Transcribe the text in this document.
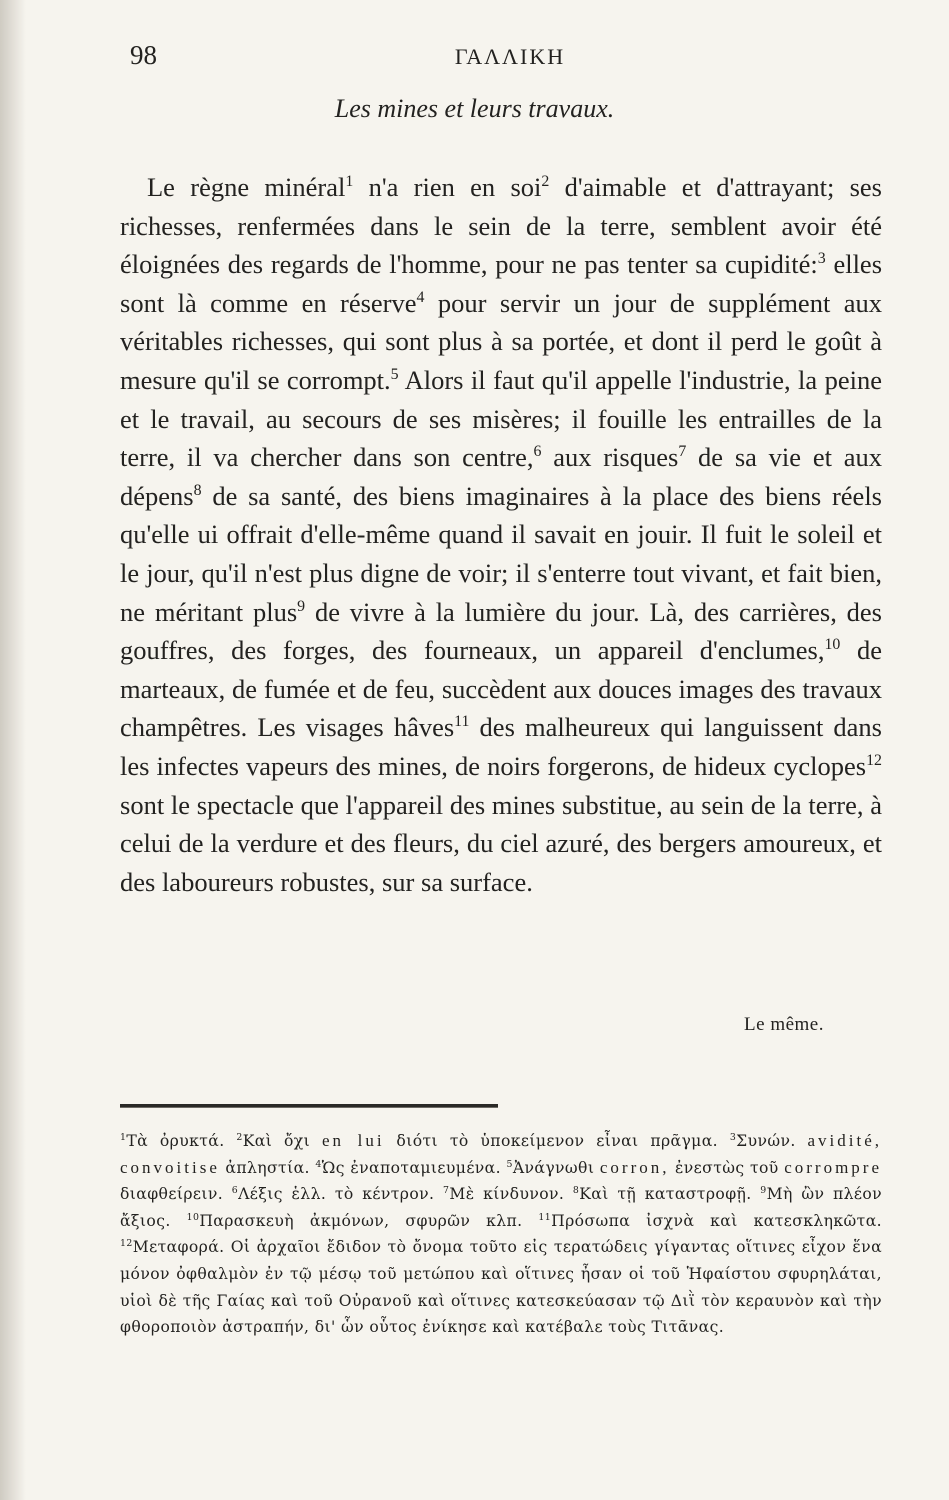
98	ΓΑΛΛΙΚΗ
Les mines et leurs travaux.

Le règne minéral$^1$ n'a rien en soi$^2$ d'aimable et d'attrayant; ses richesses, renfermées dans le sein de la terre, semblent avoir été éloignées des regards de l'homme, pour ne pas tenter sa cupidité:$^3$ elles sont là comme en réserve$^4$ pour servir un jour de supplément aux véritables richesses, qui sont plus à sa portée, et dont il perd le goût à mesure qu'il se corrompt.$^5$ Alors il faut qu'il appelle l'industrie, la peine et le travail, au secours de ses misères; il fouille les entrailles de la terre, il va chercher dans son centre,$^6$ aux risques$^7$ de sa vie et aux dépens$^8$ de sa santé, des biens imaginaires à la place des biens réels qu'elle ui offrait d'elle-même quand il savait en jouir. Il fuit le soleil et le jour, qu'il n'est plus digne de voir; il s'enterre tout vivant, et fait bien, ne méritant plus$^9$ de vivre à la lumière du jour. Là, des carrières, des gouffres, des forges, des fourneaux, un appareil d'enclumes,$^{10}$ de marteaux, de fumée et de feu, succèdent aux douces images des travaux champêtres. Les visages hâves$^{11}$ des malheureux qui languissent dans les infectes vapeurs des mines, de noirs forgerons, de hideux cyclopes$^{12}$ sont le spectacle que l'appareil des mines substitue, au sein de la terre, à celui de la verdure et des fleurs, du ciel azuré, des bergers amoureux, et des laboureurs robustes, sur sa surface.

Le même.

$^1$Τὰ ὀρυκτά. $^2$Καὶ ὄχι en lui διότι τὸ ὑποκείμενον εἶναι πρᾶγμα. $^3$Συνών. avidité, convoitise ἀπληστία. $^4$Ὡς ἐναποταμιευμένα. $^5$Ἀνάγνωθι corron, ἐνεστὼς τοῦ corrompre διαφθείρειν. $^6$Λέξις ἑλλ. τὸ κέντρον. $^7$Μὲ κίνδυνον. $^8$Καὶ τῇ καταστροφῇ. $^9$Μὴ ὢν πλέον ἄξιος. $^{10}$Παρασκευὴ ἀκμόνων, σφυρῶν κλπ. $^{11}$Πρόσωπα ἰσχνὰ καὶ κατεσκληκῶτα. $^{12}$Μεταφορά. Οἱ ἀρχαῖοι ἔδιδον τὸ ὄνομα τοῦτο εἰς τερατώδεις γίγαντας οἵτινες εἶχον ἕνα μόνον ὀφθαλμὸν ἐν τῷ μέσῳ τοῦ μετώπου καὶ οἵτινες ἦσαν οἱ τοῦ Ἡφαίστου σφυρηλάται, υἱοὶ δὲ τῆς Γαίας καὶ τοῦ Οὐρανοῦ καὶ οἵτινες κατεσκεύασαν τῷ Διῒ τὸν κεραυνὸν καὶ τὴν φθοροποιὸν ἀστραπήν, δι' ὧν οὗτος ἐνίκησε καὶ κατέβαλε τοὺς Τιτᾶνας.
